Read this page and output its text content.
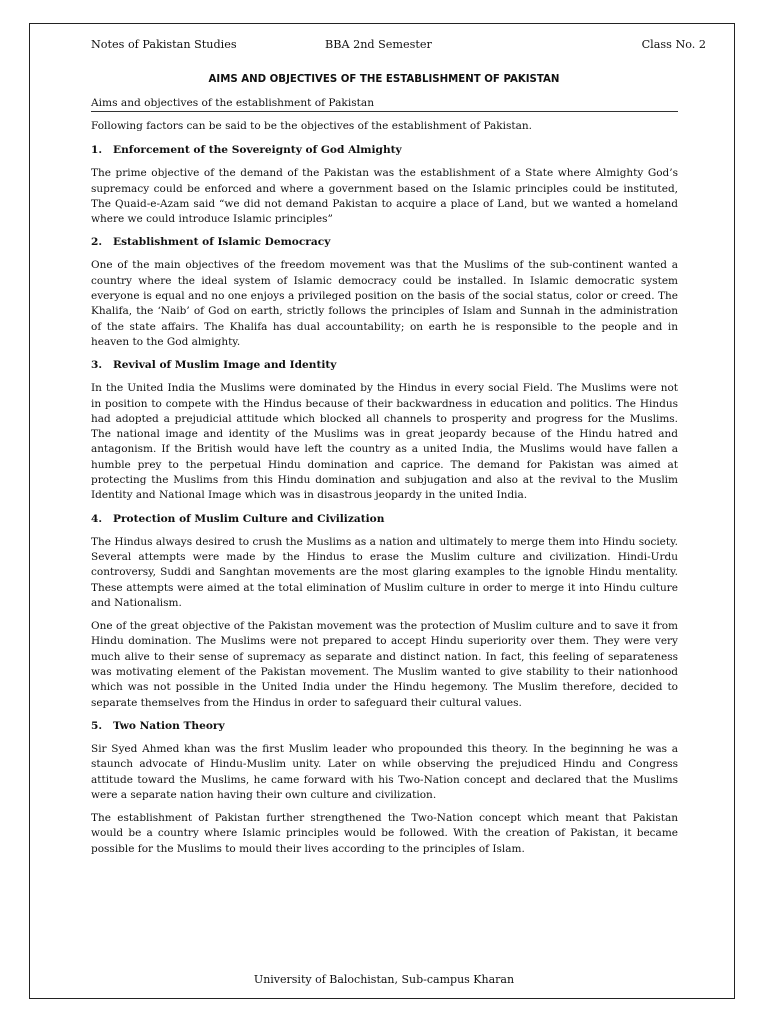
Notes of Pakistan Studies	BBA 2nd Semester	Class No. 2
AIMS AND OBJECTIVES OF THE ESTABLISHMENT OF PAKISTAN
Aims and objectives of the establishment of Pakistan

Following factors can be said to be the objectives of the establishment of Pakistan.

1. Enforcement of the Sovereignty of God Almighty

The prime objective of the demand of the Pakistan was the establishment of a State where Almighty God’s supremacy could be enforced and where a government based on the Islamic principles could be instituted, The Quaid-e-Azam said “we did not demand Pakistan to acquire a place of Land, but we wanted a homeland where we could introduce Islamic principles”

2. Establishment of Islamic Democracy

One of the main objectives of the freedom movement was that the Muslims of the sub-continent wanted a country where the ideal system of Islamic democracy could be installed. In Islamic democratic system everyone is equal and no one enjoys a privileged position on the basis of the social status, color or creed. The Khalifa, the ‘Naib’ of God on earth, strictly follows the principles of Islam and Sunnah in the administration of the state affairs. The Khalifa has dual accountability; on earth he is responsible to the people and in heaven to the God almighty.

3. Revival of Muslim Image and Identity

In the United India the Muslims were dominated by the Hindus in every social Field. The Muslims were not in position to compete with the Hindus because of their backwardness in education and politics. The Hindus had adopted a prejudicial attitude which blocked all channels to prosperity and progress for the Muslims. The national image and identity of the Muslims was in great jeopardy because of the Hindu hatred and antagonism. If the British would have left the country as a united India, the Muslims would have fallen a humble prey to the perpetual Hindu domination and caprice. The demand for Pakistan was aimed at protecting the Muslims from this Hindu domination and subjugation and also at the revival to the Muslim Identity and National Image which was in disastrous jeopardy in the united India.

4. Protection of Muslim Culture and Civilization

The Hindus always desired to crush the Muslims as a nation and ultimately to merge them into Hindu society. Several attempts were made by the Hindus to erase the Muslim culture and civilization. Hindi-Urdu controversy, Suddi and Sanghtan movements are the most glaring examples to the ignoble Hindu mentality. These attempts were aimed at the total elimination of Muslim culture in order to merge it into Hindu culture and Nationalism.

One of the great objective of the Pakistan movement was the protection of Muslim culture and to save it from Hindu domination. The Muslims were not prepared to accept Hindu superiority over them. They were very much alive to their sense of supremacy as separate and distinct nation. In fact, this feeling of separateness was motivating element of the Pakistan movement. The Muslim wanted to give stability to their nationhood which was not possible in the United India under the Hindu hegemony. The Muslim therefore, decided to separate themselves from the Hindus in order to safeguard their cultural values.

5. Two Nation Theory

Sir Syed Ahmed khan was the first Muslim leader who propounded this theory. In the beginning he was a staunch advocate of Hindu-Muslim unity. Later on while observing the prejudiced Hindu and Congress attitude toward the Muslims, he came forward with his Two-Nation concept and declared that the Muslims were a separate nation having their own culture and civilization.

The establishment of Pakistan further strengthened the Two-Nation concept which meant that Pakistan would be a country where Islamic principles would be followed. With the creation of Pakistan, it became possible for the Muslims to mould their lives according to the principles of Islam.

University of Balochistan, Sub-campus Kharan
